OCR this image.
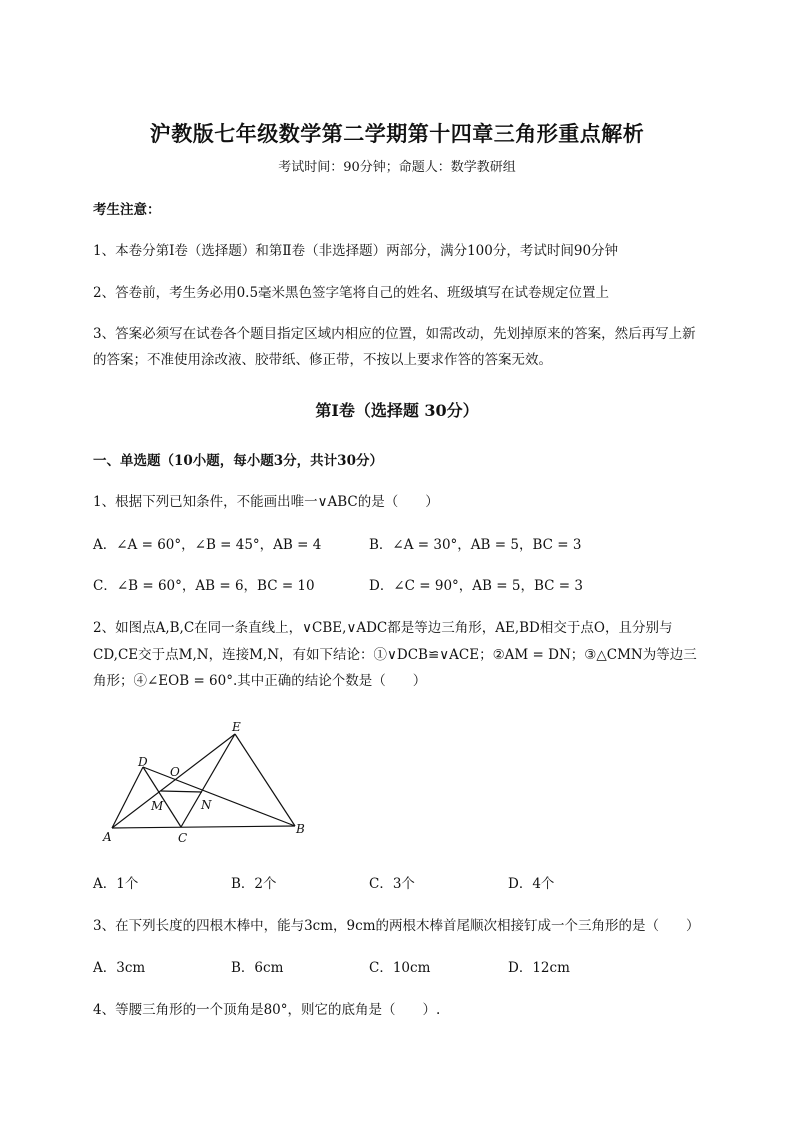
沪教版七年级数学第二学期第十四章三角形重点解析
考试时间：90分钟；命题人：数学教研组
考生注意：
1、本卷分第Ⅰ卷（选择题）和第Ⅱ卷（非选择题）两部分，满分100分，考试时间90分钟
2、答卷前，考生务必用0.5毫米黑色签字笔将自己的姓名、班级填写在试卷规定位置上
3、答案必须写在试卷各个题目指定区域内相应的位置，如需改动，先划掉原来的答案，然后再写上新
的答案；不准使用涂改液、胶带纸、修正带，不按以上要求作答的答案无效。
第Ⅰ卷（选择题 30分）
一、单选题（10小题，每小题3分，共计30分）
1、根据下列已知条件，不能画出唯一∨ABC的是（　　）
A．∠A = 60°，∠B = 45°，AB = 4	B．∠A = 30°，AB = 5，BC = 3
C．∠B = 60°，AB = 6，BC = 10	D．∠C = 90°，AB = 5，BC = 3
2、如图点A,B,C在同一条直线上，∨CBE,∨ADC都是等边三角形，AE,BD相交于点O，且分别与
CD,CE交于点M,N，连接M,N，有如下结论：①∨DCB≌∨ACE；②AM = DN；③△CMN为等边三
角形；④∠EOB = 60°.其中正确的结论个数是（　　）
E
D
O
M	N
A	C
B
A．1个	B．2个	C．3个	D．4个
3、在下列长度的四根木棒中，能与3cm，9cm的两根木棒首尾顺次相接钉成一个三角形的是（　　）
A．3cm	B．6cm	C．10cm	D．12cm
4、等腰三角形的一个顶角是80°，则它的底角是（　　）.
